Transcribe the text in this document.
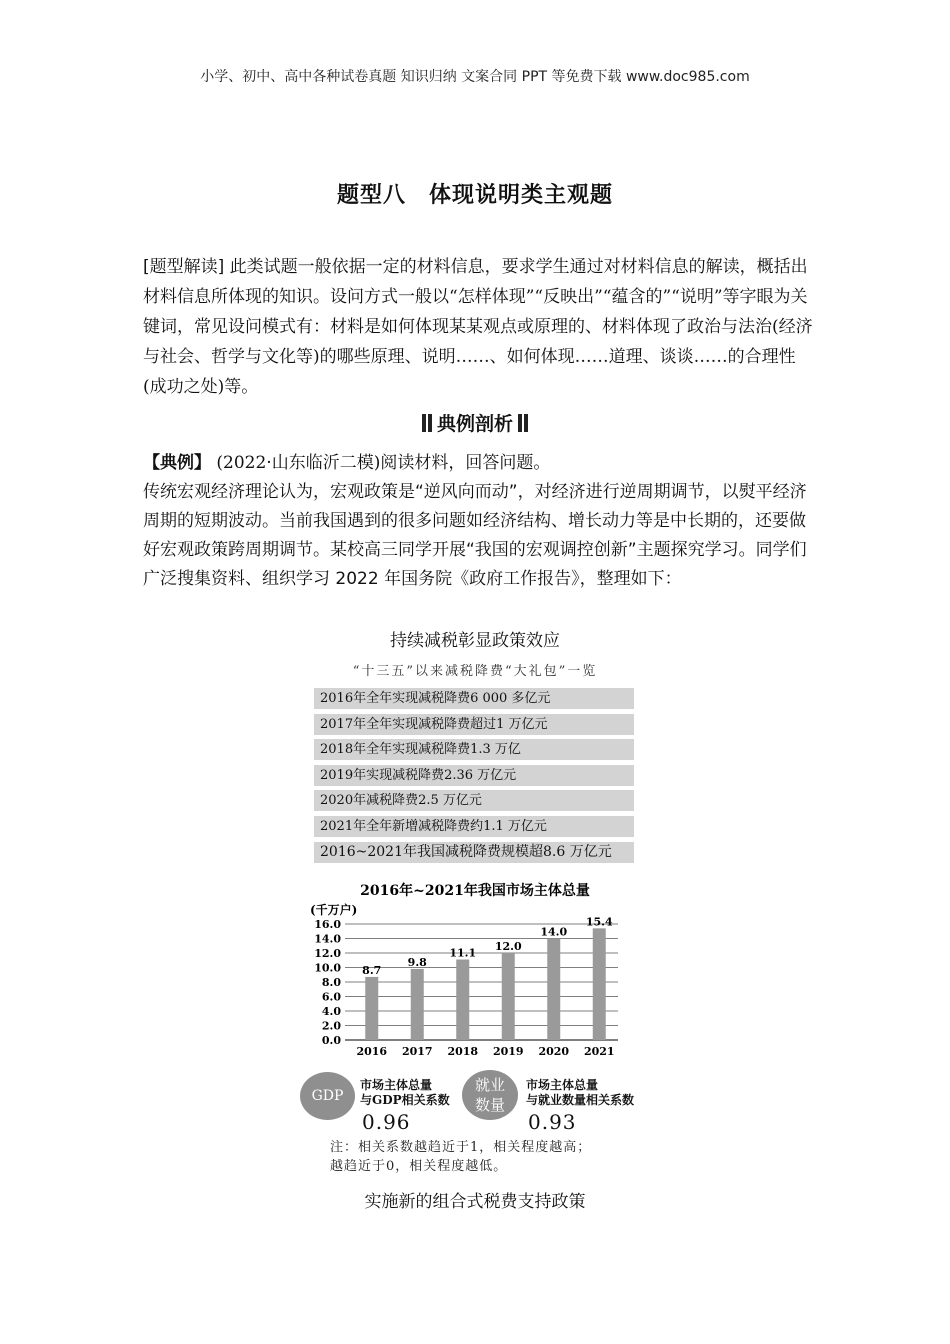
小学、初中、高中各种试卷真题 知识归纳 文案合同 PPT 等免费下载 www.doc985.com
题型八　体现说明类主观题
[题型解读] 此类试题一般依据一定的材料信息，要求学生通过对材料信息的解读，概括出材料信息所体现的知识。设问方式一般以“怎样体现”“反映出”“蕴含的”“说明”等字眼为关键词，常见设问模式有：材料是如何体现某某观点或原理的、材料体现了政治与法治(经济与社会、哲学与文化等)的哪些原理、说明……、如何体现……道理、谈谈……的合理性(成功之处)等。
典例剖析
【典例】 (2022·山东临沂二模)阅读材料，回答问题。
传统宏观经济理论认为，宏观政策是“逆风向而动”，对经济进行逆周期调节，以熨平经济周期的短期波动。当前我国遇到的很多问题如经济结构、增长动力等是中长期的，还要做好宏观政策跨周期调节。某校高三同学开展“我国的宏观调控创新”主题探究学习。同学们广泛搜集资料、组织学习 2022 年国务院《政府工作报告》，整理如下：
持续减税彰显政策效应
“十三五”以来减税降费“大礼包”一览
2016年全年实现减税降费6 000 多亿元
2017年全年实现减税降费超过1 万亿元
2018年全年实现减税降费1.3 万亿
2019年实现减税降费2.36 万亿元
2020年减税降费2.5 万亿元
2021年全年新增减税降费约1.1 万亿元
2016~2021年我国减税降费规模超8.6 万亿元
2016年~2021年我国市场主体总量
(千万户)
0.0
2.0
4.0
6.0
8.0
10.0
12.0
14.0
16.0
8.7
2016
9.8
2017
11.1
2018
12.0
2019
14.0
2020
15.4
2021
GDP
市场主体总量
与GDP相关系数
0.96
就业
数量
市场主体总量
与就业数量相关系数
0.93
注：相关系数越趋近于1，相关程度越高；
越趋近于0，相关程度越低。
实施新的组合式税费支持政策
